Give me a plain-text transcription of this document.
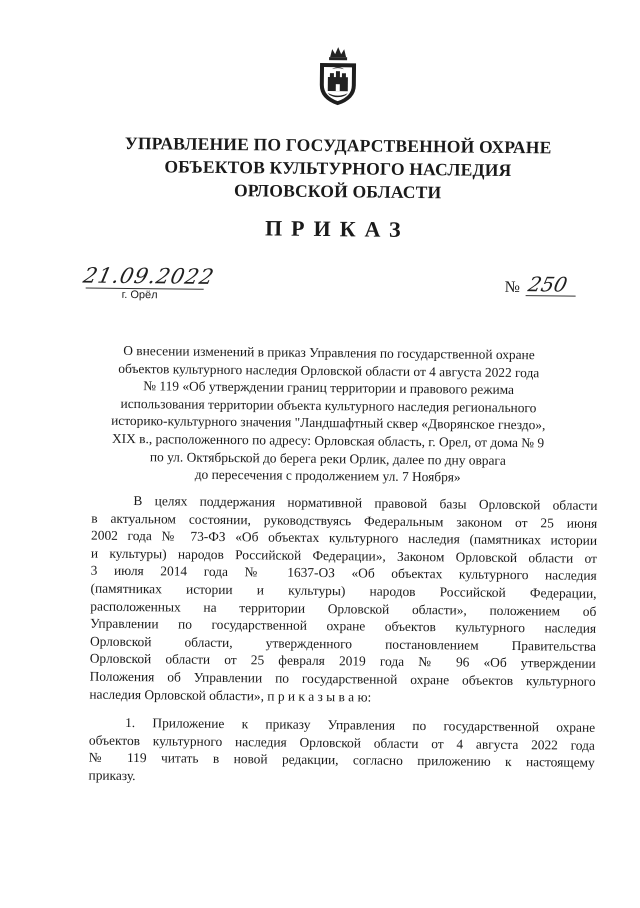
УПРАВЛЕНИЕ ПО ГОСУДАРСТВЕННОЙ ОХРАНЕ
ОБЪЕКТОВ КУЛЬТУРНОГО НАСЛЕДИЯ
ОРЛОВСКОЙ ОБЛАСТИ
ПРИКАЗ
21.09.2022
г. Орёл	№ 250
О внесении изменений в приказ Управления по государственной охране
объектов культурного наследия Орловской области от 4 августа 2022 года
№ 119 «Об утверждении границ территории и правового режима
использования территории объекта культурного наследия регионального
историко-культурного значения "Ландшафтный сквер «Дворянское гнездо»,
XIX в., расположенного по адресу: Орловская область, г. Орел, от дома № 9
по ул. Октябрьской до берега реки Орлик, далее по дну оврага
до пересечения с продолжением ул. 7 Ноября»
В целях поддержания нормативной правовой базы Орловской области
в актуальном состоянии, руководствуясь Федеральным законом от 25 июня
2002 года № 73-ФЗ «Об объектах культурного наследия (памятниках истории
и культуры) народов Российской Федерации», Законом Орловской области от
3 июля 2014 года № 1637-ОЗ «Об объектах культурного наследия
(памятниках истории и культуры) народов Российской Федерации,
расположенных на территории Орловской области», положением об
Управлении по государственной охране объектов культурного наследия
Орловской области, утвержденного постановлением Правительства
Орловской области от 25 февраля 2019 года № 96 «Об утверждении
Положения об Управлении по государственной охране объектов культурного
наследия Орловской области», п р и к а з ы в а ю:
1. Приложение к приказу Управления по государственной охране
объектов культурного наследия Орловской области от 4 августа 2022 года
№ 119 читать в новой редакции, согласно приложению к настоящему
приказу.
